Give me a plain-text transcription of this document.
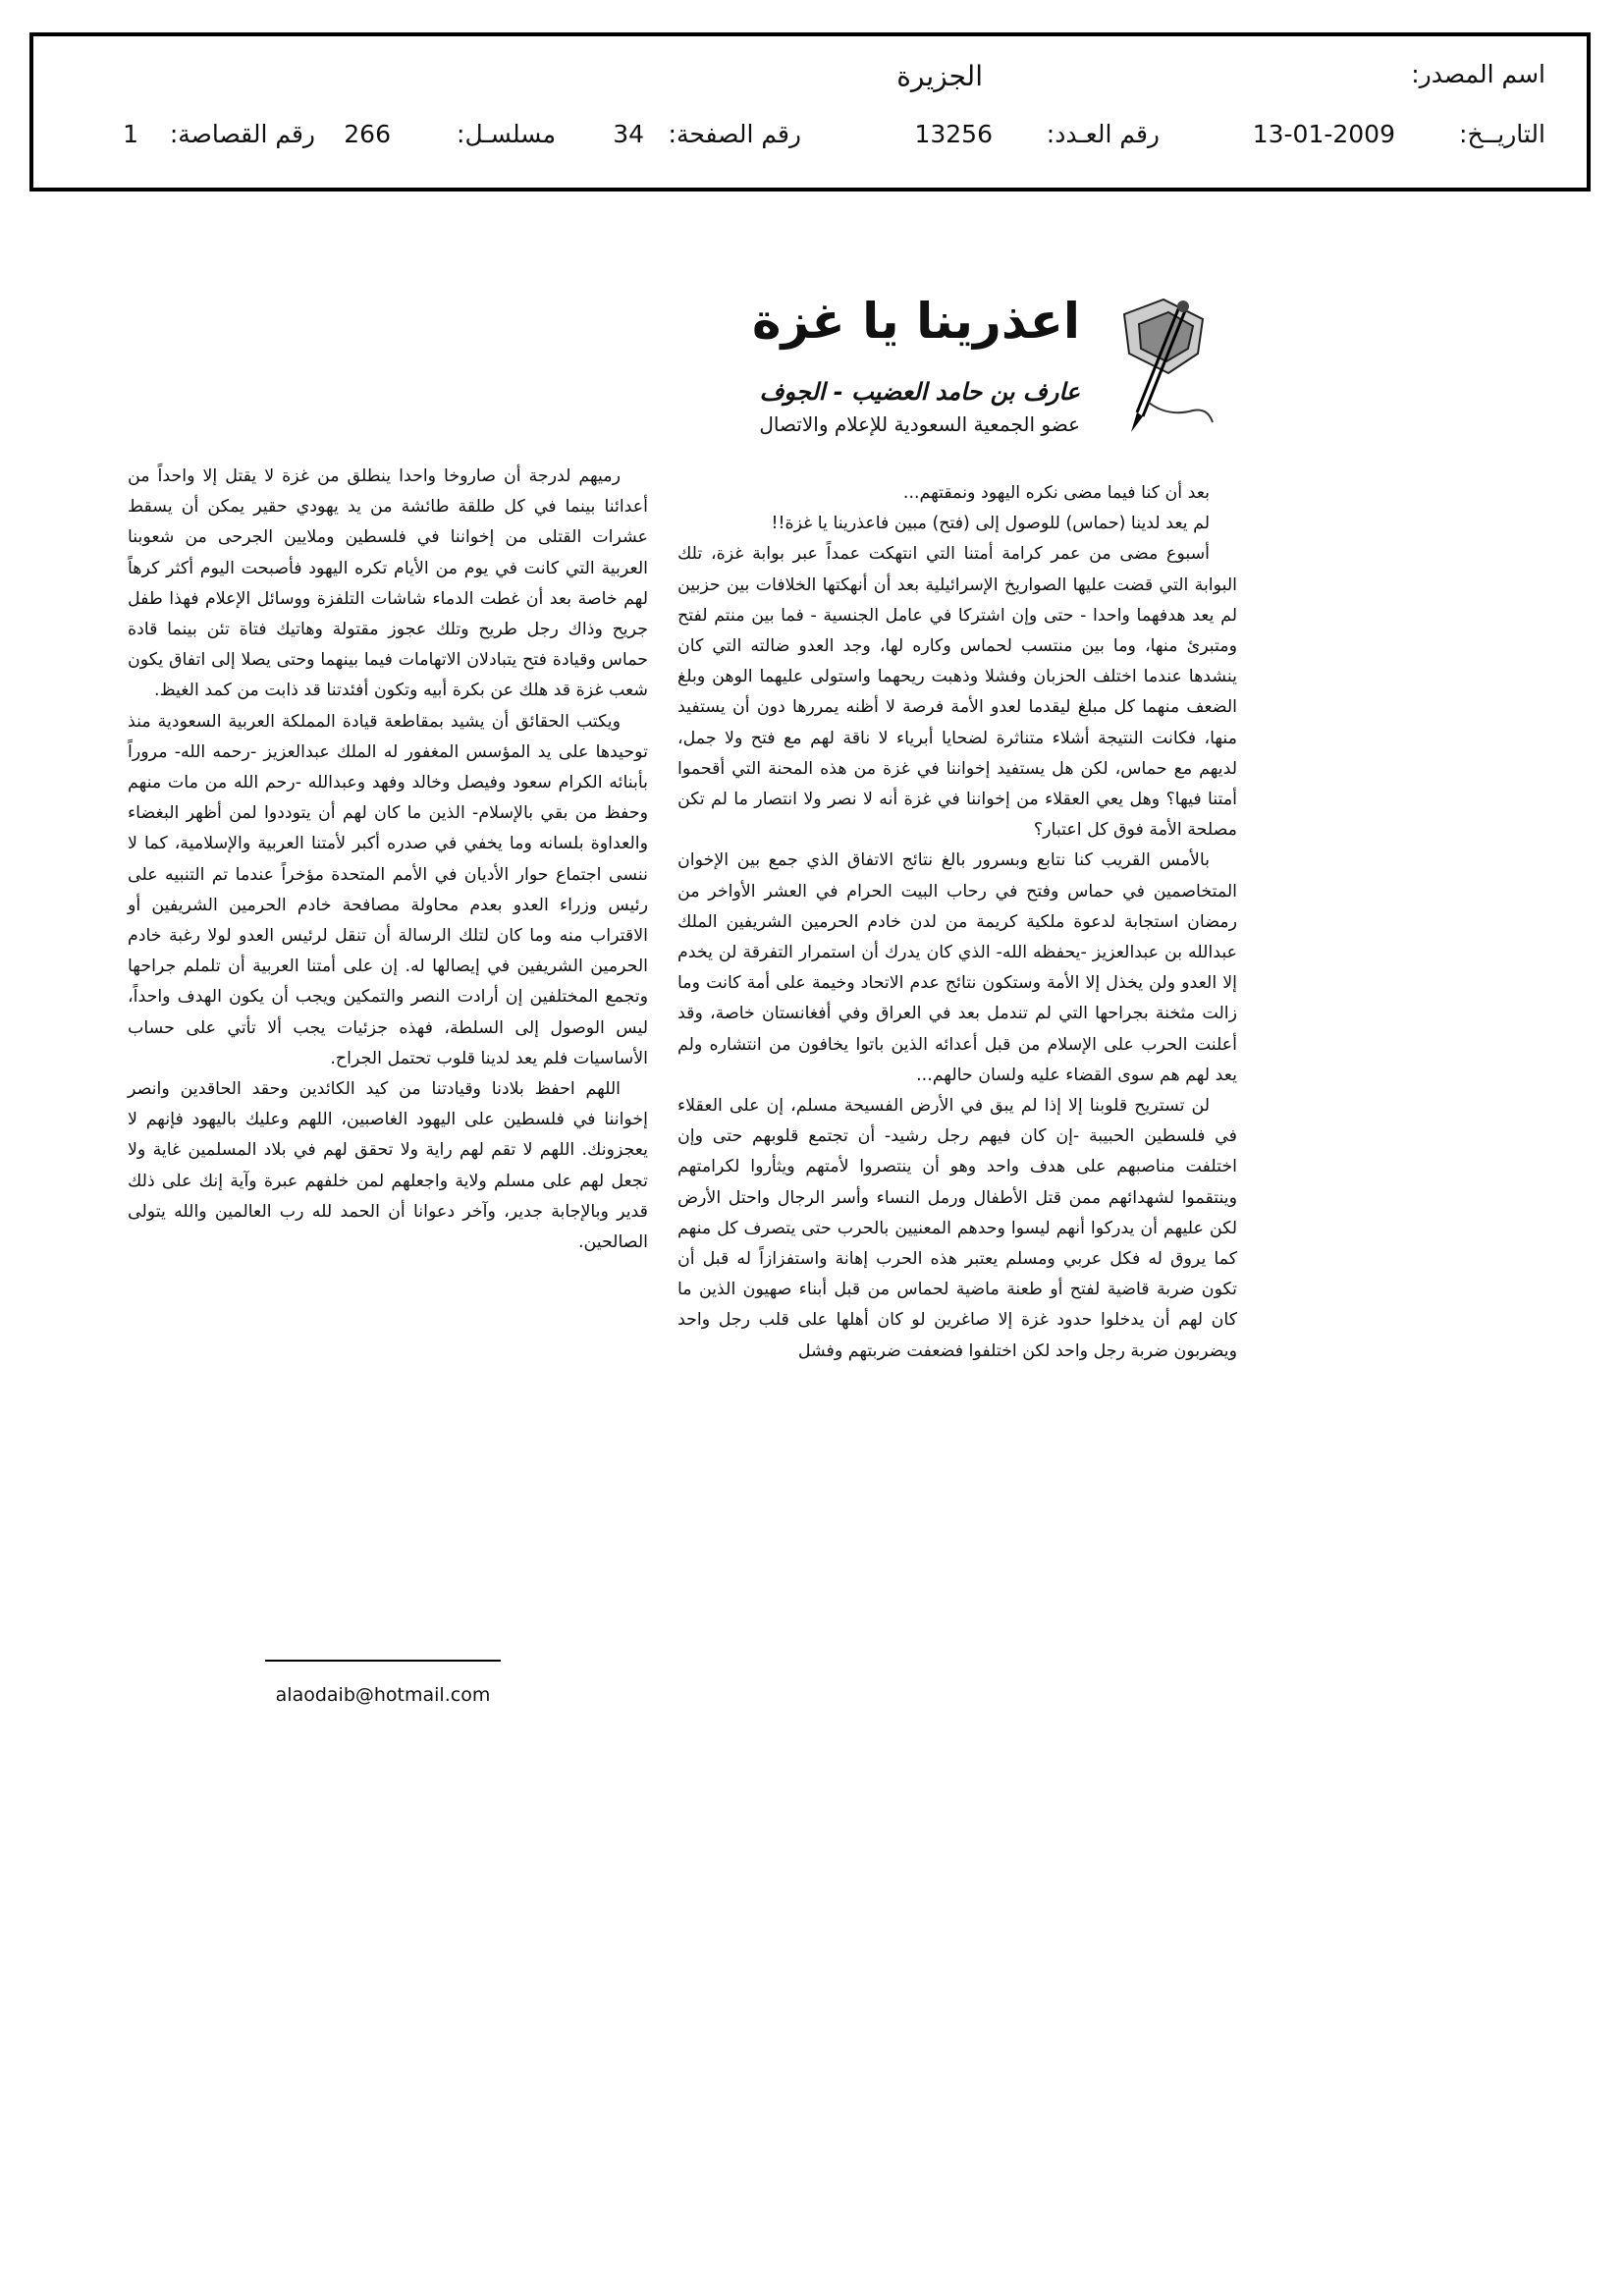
اسم المصدر:
الجزيرة
التاريــخ:
13-01-2009
رقم العـدد:
13256
رقم الصفحة:
34
مسلسـل:
266
رقم القصاصة:
1
اعذرينا يا غزة
عارف بن حامد العضيب - الجوف
عضو الجمعية السعودية للإعلام والاتصال

بعد أن كنا فيما مضى نكره اليهود ونمقتهم...

لم يعد لدينا (حماس) للوصول إلى (فتح) مبين فاعذرينا يا غزة!!

أسبوع مضى من عمر كرامة أمتنا التي انتهكت عمداً عبر بوابة غزة، تلك البوابة التي قضت عليها الصواريخ الإسرائيلية بعد أن أنهكتها الخلافات بين حزبين لم يعد هدفهما واحدا - حتى وإن اشتركا في عامل الجنسية - فما بين منتم لفتح ومتبرئ منها، وما بين منتسب لحماس وكاره لها، وجد العدو ضالته التي كان ينشدها عندما اختلف الحزبان وفشلا وذهبت ريحهما واستولى عليهما الوهن وبلغ الضعف منهما كل مبلغ ليقدما لعدو الأمة فرصة لا أظنه يمررها دون أن يستفيد منها، فكانت النتيجة أشلاء متناثرة لضحايا أبرياء لا ناقة لهم مع فتح ولا جمل، لديهم مع حماس، لكن هل يستفيد إخواننا في غزة من هذه المحنة التي أقحموا أمتنا فيها؟ وهل يعي العقلاء من إخواننا في غزة أنه لا نصر ولا انتصار ما لم تكن مصلحة الأمة فوق كل اعتبار؟

بالأمس القريب كنا نتابع وبسرور بالغ نتائج الاتفاق الذي جمع بين الإخوان المتخاصمين في حماس وفتح في رحاب البيت الحرام في العشر الأواخر من رمضان استجابة لدعوة ملكية كريمة من لدن خادم الحرمين الشريفين الملك عبدالله بن عبدالعزيز -يحفظه الله- الذي كان يدرك أن استمرار التفرقة لن يخدم إلا العدو ولن يخذل إلا الأمة وستكون نتائج عدم الاتحاد وخيمة على أمة كانت وما زالت مثخنة بجراحها التي لم تندمل بعد في العراق وفي أفغانستان خاصة، وقد أعلنت الحرب على الإسلام من قبل أعدائه الذين باتوا يخافون من انتشاره ولم يعد لهم هم سوى القضاء عليه ولسان حالهم...

لن تستريح قلوبنا إلا إذا لم يبق في الأرض الفسيحة مسلم، إن على العقلاء في فلسطين الحبيبة -إن كان فيهم رجل رشيد- أن تجتمع قلوبهم حتى وإن اختلفت مناصبهم على هدف واحد وهو أن ينتصروا لأمتهم ويثأروا لكرامتهم وينتقموا لشهدائهم ممن قتل الأطفال ورمل النساء وأسر الرجال واحتل الأرض لكن عليهم أن يدركوا أنهم ليسوا وحدهم المعنيين بالحرب حتى يتصرف كل منهم كما يروق له فكل عربي ومسلم يعتبر هذه الحرب إهانة واستفزازاً له قبل أن تكون ضربة قاضية لفتح أو طعنة ماضية لحماس من قبل أبناء صهيون الذين ما كان لهم أن يدخلوا حدود غزة إلا صاغرين لو كان أهلها على قلب رجل واحد ويضربون ضربة رجل واحد لكن اختلفوا فضعفت ضربتهم وفشل

رميهم لدرجة أن صاروخا واحدا ينطلق من غزة لا يقتل إلا واحداً من أعدائنا بينما في كل طلقة طائشة من يد يهودي حقير يمكن أن يسقط عشرات القتلى من إخواننا في فلسطين وملايين الجرحى من شعوبنا العربية التي كانت في يوم من الأيام تكره اليهود فأصبحت اليوم أكثر كرهاً لهم خاصة بعد أن غطت الدماء شاشات التلفزة ووسائل الإعلام فهذا طفل جريح وذاك رجل طريح وتلك عجوز مقتولة وهاتيك فتاة تئن بينما قادة حماس وقيادة فتح يتبادلان الاتهامات فيما بينهما وحتى يصلا إلى اتفاق يكون شعب غزة قد هلك عن بكرة أبيه وتكون أفئدتنا قد ذابت من كمد الغيظ.

ويكتب الحقائق أن يشيد بمقاطعة قيادة المملكة العربية السعودية منذ توحيدها على يد المؤسس المغفور له الملك عبدالعزيز -رحمه الله- مروراً بأبنائه الكرام سعود وفيصل وخالد وفهد وعبدالله -رحم الله من مات منهم وحفظ من بقي بالإسلام- الذين ما كان لهم أن يتوددوا لمن أظهر البغضاء والعداوة بلسانه وما يخفي في صدره أكبر لأمتنا العربية والإسلامية، كما لا ننسى اجتماع حوار الأديان في الأمم المتحدة مؤخراً عندما تم التنبيه على رئيس وزراء العدو بعدم محاولة مصافحة خادم الحرمين الشريفين أو الاقتراب منه وما كان لتلك الرسالة أن تنقل لرئيس العدو لولا رغبة خادم الحرمين الشريفين في إيصالها له. إن على أمتنا العربية أن تلملم جراحها وتجمع المختلفين إن أرادت النصر والتمكين ويجب أن يكون الهدف واحداً، ليس الوصول إلى السلطة، فهذه جزئيات يجب ألا تأتي على حساب الأساسيات فلم يعد لدينا قلوب تحتمل الجراح.

اللهم احفظ بلادنا وقيادتنا من كيد الكائدين وحقد الحاقدين وانصر إخواننا في فلسطين على اليهود الغاصبين، اللهم وعليك باليهود فإنهم لا يعجزونك. اللهم لا تقم لهم راية ولا تحقق لهم في بلاد المسلمين غاية ولا تجعل لهم على مسلم ولاية واجعلهم لمن خلفهم عبرة وآية إنك على ذلك قدير وبالإجابة جدير، وآخر دعوانا أن الحمد لله رب العالمين والله يتولى الصالحين.

alaodaib@hotmail.com
